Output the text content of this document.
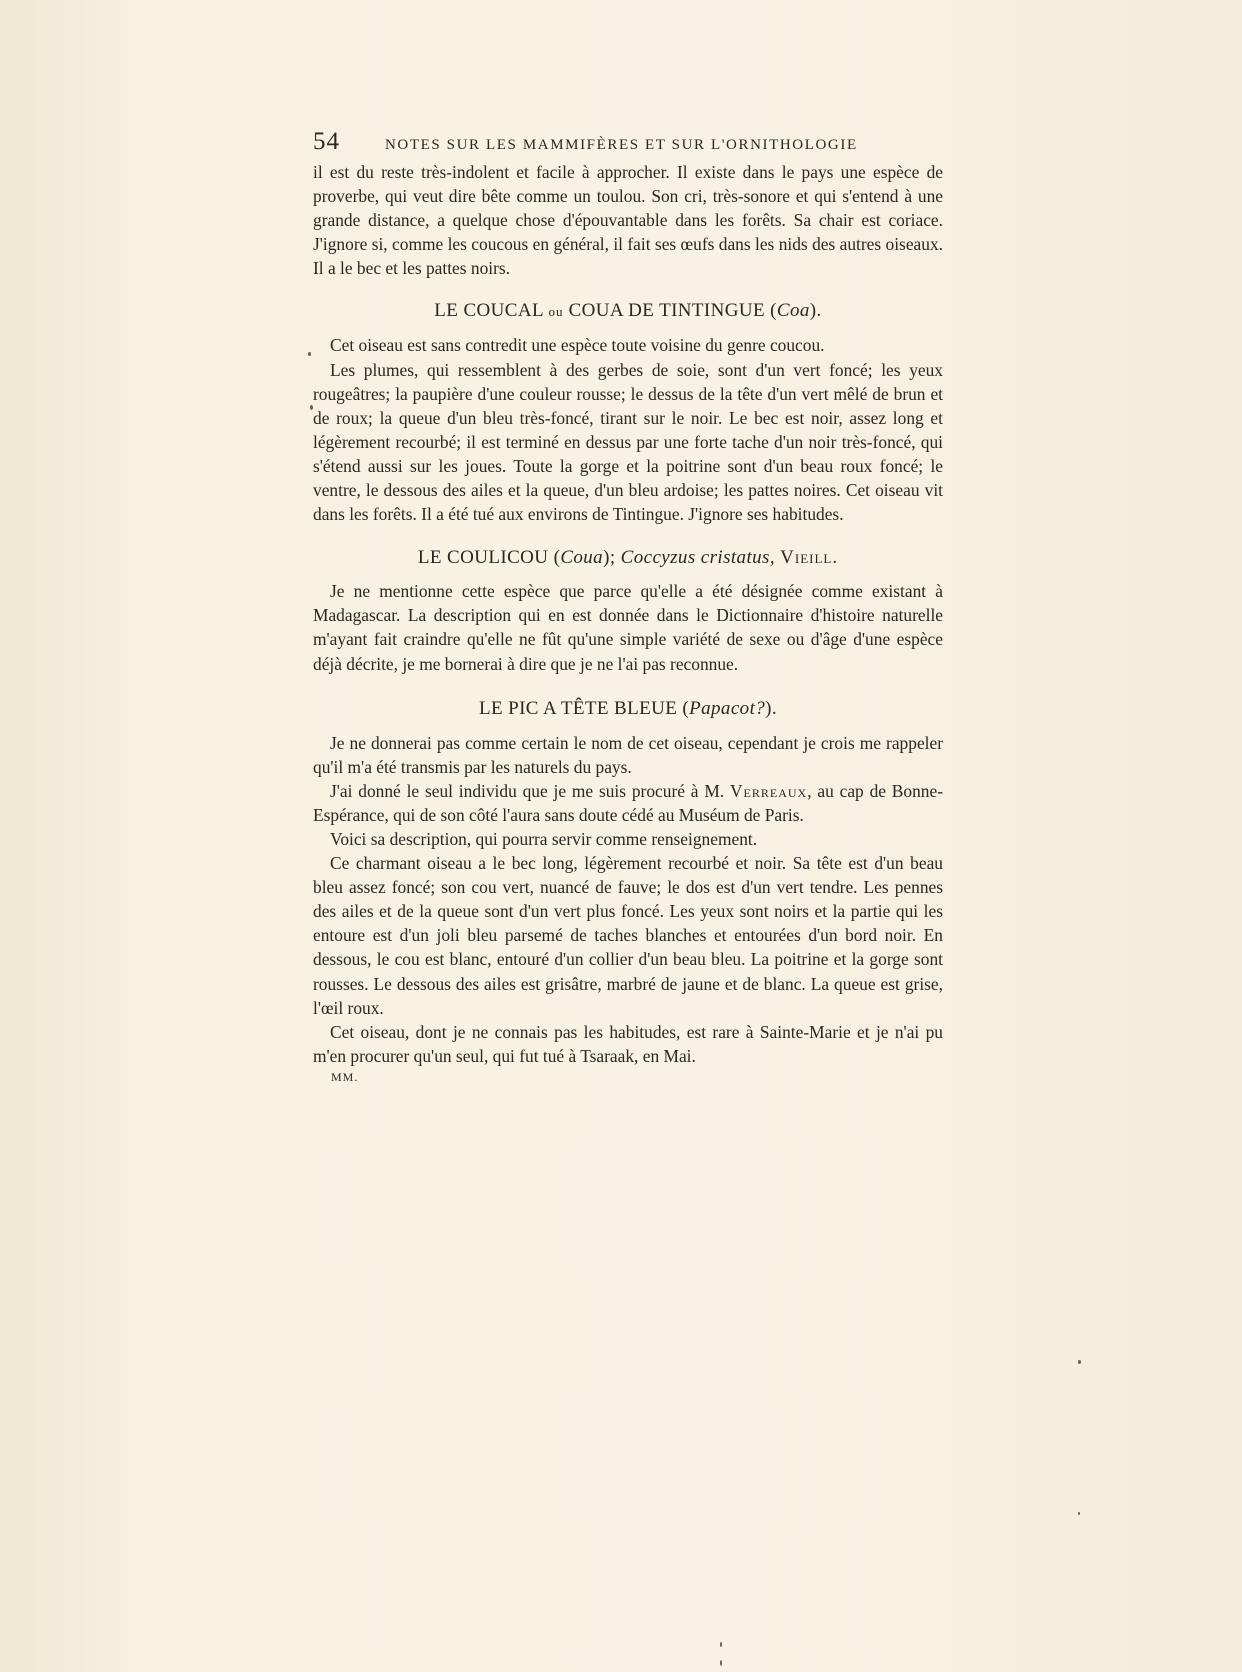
54	NOTES SUR LES MAMMIFÈRES ET SUR L'ORNITHOLOGIE

il est du reste très-indolent et facile à approcher. Il existe dans le pays une espèce de proverbe, qui veut dire bête comme un toulou. Son cri, très-sonore et qui s'entend à une grande distance, a quelque chose d'épouvantable dans les forêts. Sa chair est coriace. J'ignore si, comme les coucous en général, il fait ses œufs dans les nids des autres oiseaux. Il a le bec et les pattes noirs.

LE COUCAL ou COUA DE TINTINGUE (Coa).

Cet oiseau est sans contredit une espèce toute voisine du genre coucou.

Les plumes, qui ressemblent à des gerbes de soie, sont d'un vert foncé; les yeux rougeâtres; la paupière d'une couleur rousse; le dessus de la tête d'un vert mêlé de brun et de roux; la queue d'un bleu très-foncé, tirant sur le noir. Le bec est noir, assez long et légèrement recourbé; il est terminé en dessus par une forte tache d'un noir très-foncé, qui s'étend aussi sur les joues. Toute la gorge et la poitrine sont d'un beau roux foncé; le ventre, le dessous des ailes et la queue, d'un bleu ardoise; les pattes noires. Cet oiseau vit dans les forêts. Il a été tué aux environs de Tintingue. J'ignore ses habitudes.

LE COULICOU (Coua); Coccyzus cristatus, Vieill.

Je ne mentionne cette espèce que parce qu'elle a été désignée comme existant à Madagascar. La description qui en est donnée dans le Dictionnaire d'histoire naturelle m'ayant fait craindre qu'elle ne fût qu'une simple variété de sexe ou d'âge d'une espèce déjà décrite, je me bornerai à dire que je ne l'ai pas reconnue.

LE PIC A TÊTE BLEUE (Papacot?).

Je ne donnerai pas comme certain le nom de cet oiseau, cependant je crois me rappeler qu'il m'a été transmis par les naturels du pays.

J'ai donné le seul individu que je me suis procuré à M. Verreaux, au cap de Bonne-Espérance, qui de son côté l'aura sans doute cédé au Muséum de Paris.

Voici sa description, qui pourra servir comme renseignement.

Ce charmant oiseau a le bec long, légèrement recourbé et noir. Sa tête est d'un beau bleu assez foncé; son cou vert, nuancé de fauve; le dos est d'un vert tendre. Les pennes des ailes et de la queue sont d'un vert plus foncé. Les yeux sont noirs et la partie qui les entoure est d'un joli bleu parsemé de taches blanches et entourées d'un bord noir. En dessous, le cou est blanc, entouré d'un collier d'un beau bleu. La poitrine et la gorge sont rousses. Le dessous des ailes est grisâtre, marbré de jaune et de blanc. La queue est grise, l'œil roux.

Cet oiseau, dont je ne connais pas les habitudes, est rare à Sainte-Marie et je n'ai pu m'en procurer qu'un seul, qui fut tué à Tsaraak, en Mai.

MM.
